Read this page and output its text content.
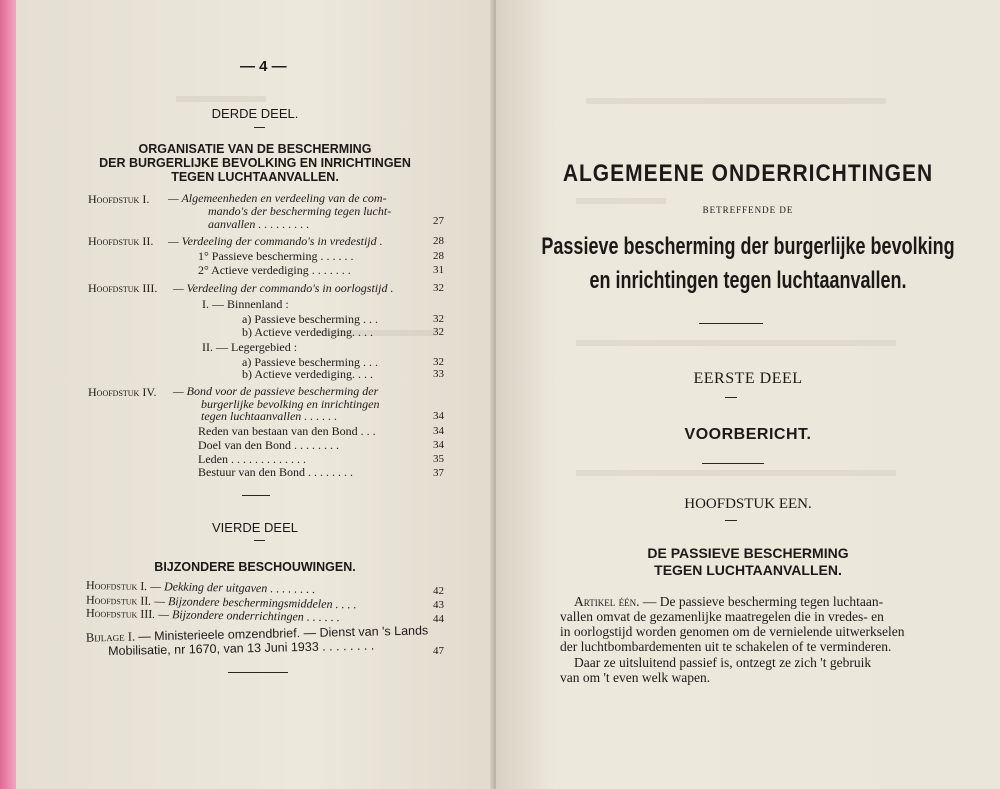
— 4 —
DERDE DEEL.
ORGANISATIE VAN DE BESCHERMING
DER BURGERLIJKE BEVOLKING EN INRICHTINGEN
TEGEN LUCHTAANVALLEN.
Hoofdstuk I. — Algemeenheden en verdeeling van de com-
mando's der bescherming tegen lucht-
aanvallen . . . . . . . . .	27
Hoofdstuk II. — Verdeeling der commando's in vredestijd .	28
1° Passieve bescherming . . . . . .	28
2° Actieve verdediging . . . . . . .	31
Hoofdstuk III. — Verdeeling der commando's in oorlogstijd .	32
I. — Binnenland :
a) Passieve bescherming . . .	32
b) Actieve verdediging. . . .	32
II. — Legergebied :
a) Passieve bescherming . . .	32
b) Actieve verdediging. . . .	33
Hoofdstuk IV. — Bond voor de passieve bescherming der
burgerlijke bevolking en inrichtingen
tegen luchtaanvallen . . . . . .	34
Reden van bestaan van den Bond . . .	34
Doel van den Bond . . . . . . . .	34
Leden . . . . . . . . . . . . .	35
Bestuur van den Bond . . . . . . . .	37
VIERDE DEEL
BIJZONDERE BESCHOUWINGEN.
Hoofdstuk I. — Dekking der uitgaven . . . . . . . .	42
Hoofdstuk II. — Bijzondere beschermingsmiddelen . . . .	43
Hoofdstuk III. — Bijzondere onderrichtingen . . . . . .	44
Bijlage I. — Ministerieele omzendbrief. — Dienst van 's Lands
Mobilisatie, nr 1670, van 13 Juni 1933 . . . . . . . .	47
ALGEMEENE ONDERRICHTINGEN
BETREFFENDE DE
Passieve bescherming der burgerlijke bevolking
en inrichtingen tegen luchtaanvallen.
EERSTE DEEL
VOORBERICHT.
HOOFDSTUK EEN.
DE PASSIEVE BESCHERMING
TEGEN LUCHTAANVALLEN.
Artikel één. — De passieve bescherming tegen luchtaan-
vallen omvat de gezamenlijke maatregelen die in vredes- en
in oorlogstijd worden genomen om de vernielende uitwerkselen
der luchtbombardementen uit te schakelen of te verminderen.
Daar ze uitsluitend passief is, ontzegt ze zich 't gebruik
van om 't even welk wapen.
